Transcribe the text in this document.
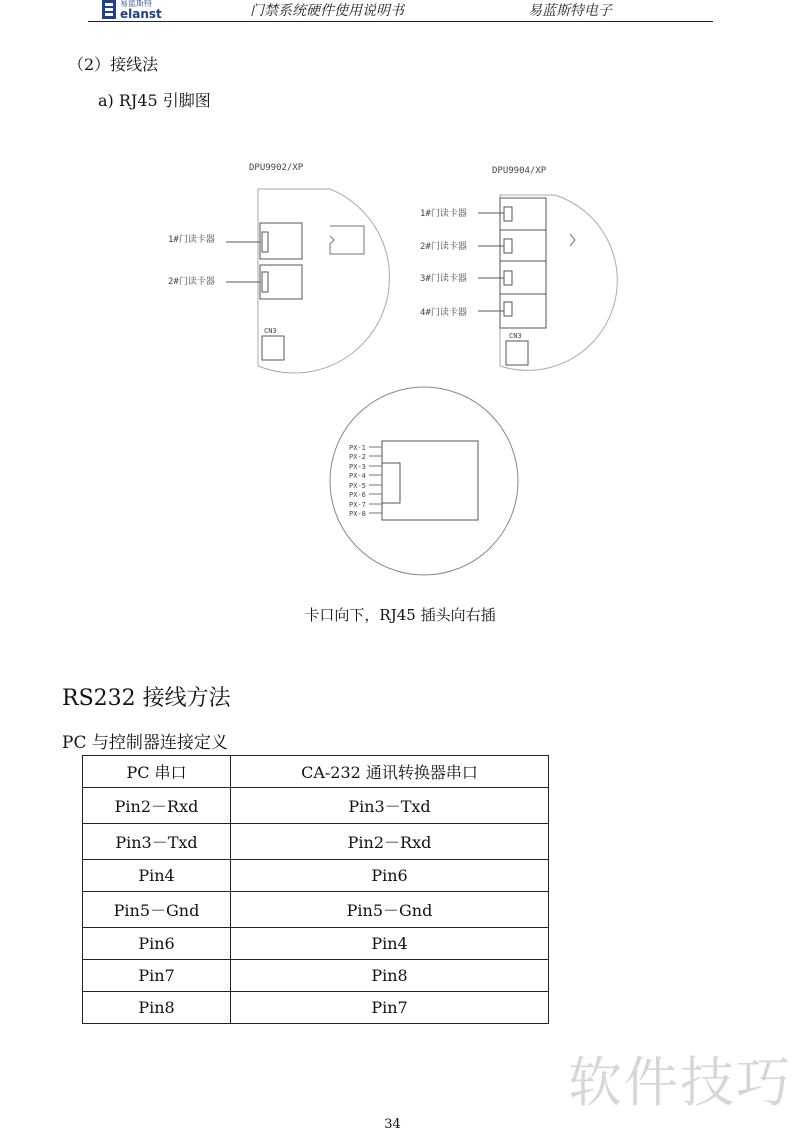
易蓝斯特
elanst	门禁系统硬件使用说明书	易蓝斯特电子
（2）接线法
a) RJ45 引脚图
DPU9902/XP
1#门读卡器
2#门读卡器
CN3
DPU9904/XP
1#门读卡器
2#门读卡器
3#门读卡器
4#门读卡器
CN3
PX-1
PX-2
PX-3
PX-4
PX-5
PX-6
PX-7
PX-8
卡口向下，RJ45 插头向右插
RS232 接线方法
PC 与控制器连接定义
PC 串口	CA-232 通讯转换器串口
Pin2－Rxd	Pin3－Txd
Pin3－Txd	Pin2－Rxd
Pin4	Pin6
Pin5－Gnd	Pin5－Gnd
Pin6	Pin4
Pin7	Pin8
Pin8	Pin7
软件技巧
34
